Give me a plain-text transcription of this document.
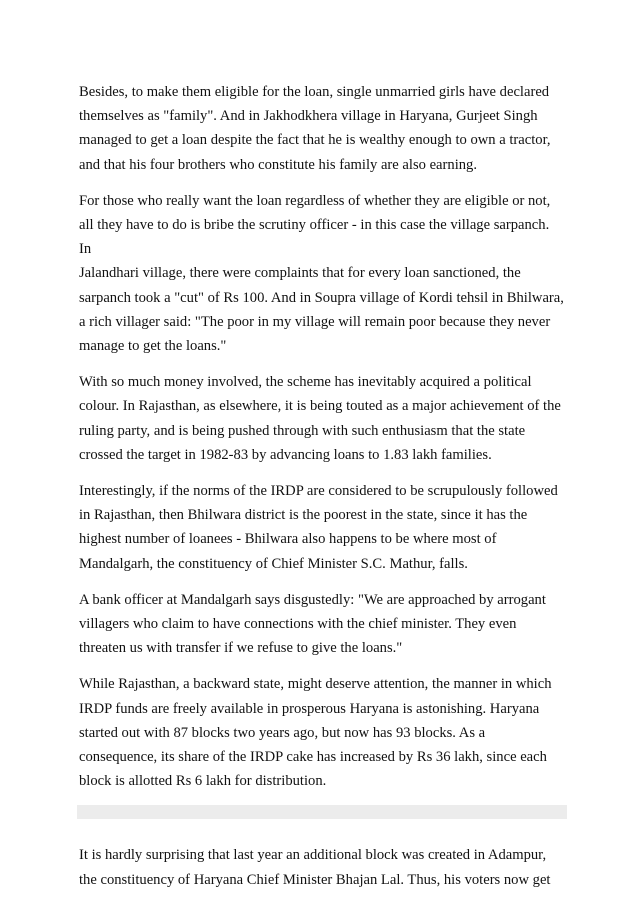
Besides, to make them eligible for the loan, single unmarried girls have declared
themselves as "family". And in Jakhodkhera village in Haryana, Gurjeet Singh
managed to get a loan despite the fact that he is wealthy enough to own a tractor,
and that his four brothers who constitute his family are also earning.

For those who really want the loan regardless of whether they are eligible or not,
all they have to do is bribe the scrutiny officer - in this case the village sarpanch. In
Jalandhari village, there were complaints that for every loan sanctioned, the
sarpanch took a "cut" of Rs 100. And in Soupra village of Kordi tehsil in Bhilwara,
a rich villager said: "The poor in my village will remain poor because they never
manage to get the loans."

With so much money involved, the scheme has inevitably acquired a political
colour. In Rajasthan, as elsewhere, it is being touted as a major achievement of the
ruling party, and is being pushed through with such enthusiasm that the state
crossed the target in 1982-83 by advancing loans to 1.83 lakh families.

Interestingly, if the norms of the IRDP are considered to be scrupulously followed
in Rajasthan, then Bhilwara district is the poorest in the state, since it has the
highest number of loanees - Bhilwara also happens to be where most of
Mandalgarh, the constituency of Chief Minister S.C. Mathur, falls.

A bank officer at Mandalgarh says disgustedly: "We are approached by arrogant
villagers who claim to have connections with the chief minister. They even
threaten us with transfer if we refuse to give the loans."

While Rajasthan, a backward state, might deserve attention, the manner in which
IRDP funds are freely available in prosperous Haryana is astonishing. Haryana
started out with 87 blocks two years ago, but now has 93 blocks. As a
consequence, its share of the IRDP cake has increased by Rs 36 lakh, since each
block is allotted Rs 6 lakh for distribution.

It is hardly surprising that last year an additional block was created in Adampur,
the constituency of Haryana Chief Minister Bhajan Lal. Thus, his voters now get
